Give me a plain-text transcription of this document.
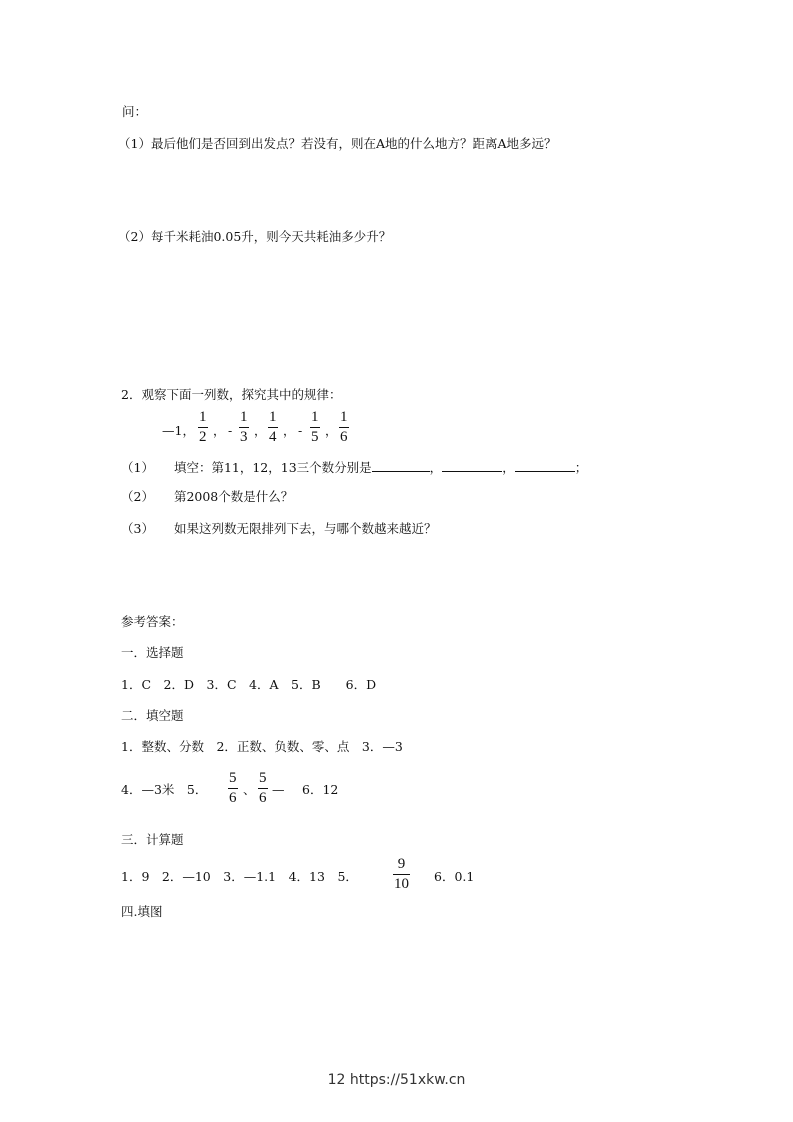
问：
（1）最后他们是否回到出发点？若没有，则在A地的什么地方？距离A地多远？
（2）每千米耗油0.05升，则今天共耗油多少升？
2．观察下面一列数，探究其中的规律：
—1，
1
2 ， -
1
3 ，
1
4 ， -
1
5 ，
1
6
（1） 填空：第11，12，13三个数分别是	，	，	；
（2） 第2008个数是什么？
（3） 如果这列数无限排列下去，与哪个数越来越近？
参考答案：
一．选择题
1．C　2．D　3．C　4．A　5．B　　6．D
二．填空题
1．整数、分数　2．正数、负数、零、点　3．—3
4．—3米　5．
5
6
、
5
6
— 6．12
三．计算题
1．9　2．—10　3．—1.1　4．13　5．
9
10 6．0.1
四.填图
12 https://51xkw.cn
